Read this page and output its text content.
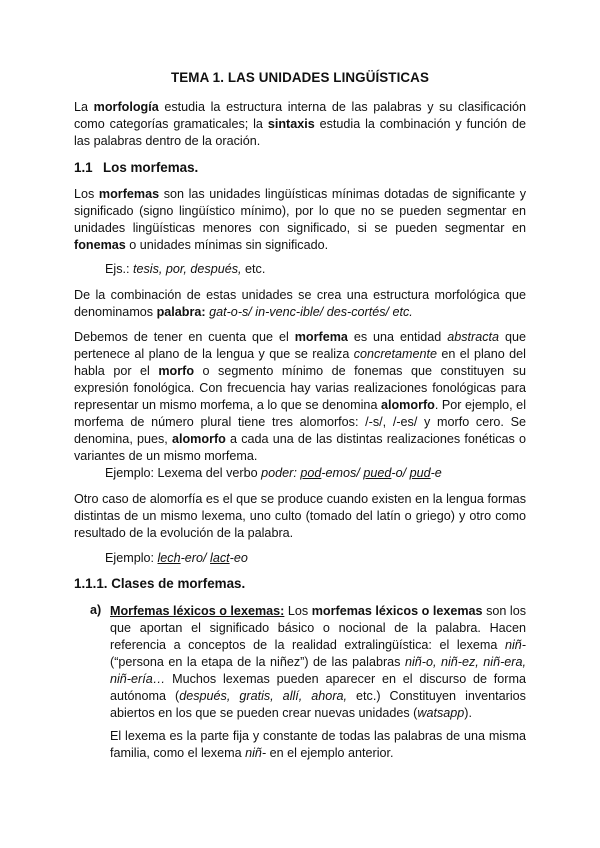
TEMA 1. LAS UNIDADES LINGÜÍSTICAS

La morfología estudia la estructura interna de las palabras y su clasificación como categorías gramaticales; la sintaxis estudia la combinación y función de las palabras dentro de la oración.

1.1 Los morfemas.

Los morfemas son las unidades lingüísticas mínimas dotadas de significante y significado (signo lingüístico mínimo), por lo que no se pueden segmentar en unidades lingüísticas menores con significado, si se pueden segmentar en fonemas o unidades mínimas sin significado.

Ejs.: tesis, por, después, etc.

De la combinación de estas unidades se crea una estructura morfológica que denominamos palabra: gat-o-s/ in-venc-ible/ des-cortés/ etc.

Debemos de tener en cuenta que el morfema es una entidad abstracta que pertenece al plano de la lengua y que se realiza concretamente en el plano del habla por el morfo o segmento mínimo de fonemas que constituyen su expresión fonológica. Con frecuencia hay varias realizaciones fonológicas para representar un mismo morfema, a lo que se denomina alomorfo. Por ejemplo, el morfema de número plural tiene tres alomorfos: /-s/, /-es/ y morfo cero. Se denomina, pues, alomorfo a cada una de las distintas realizaciones fonéticas o variantes de un mismo morfema.

Ejemplo: Lexema del verbo poder: pod-emos/ pued-o/ pud-e

Otro caso de alomorfía es el que se produce cuando existen en la lengua formas distintas de un mismo lexema, uno culto (tomado del latín o griego) y otro como resultado de la evolución de la palabra.

Ejemplo: lech-ero/ lact-eo

1.1.1. Clases de morfemas.

a) Morfemas léxicos o lexemas: Los morfemas léxicos o lexemas son los que aportan el significado básico o nocional de la palabra. Hacen referencia a conceptos de la realidad extralingüística: el lexema niñ- (“persona en la etapa de la niñez”) de las palabras niñ-o, niñ-ez, niñ-era, niñ-ería… Muchos lexemas pueden aparecer en el discurso de forma autónoma (después, gratis, allí, ahora, etc.) Constituyen inventarios abiertos en los que se pueden crear nuevas unidades (watsapp).

El lexema es la parte fija y constante de todas las palabras de una misma familia, como el lexema niñ- en el ejemplo anterior.
